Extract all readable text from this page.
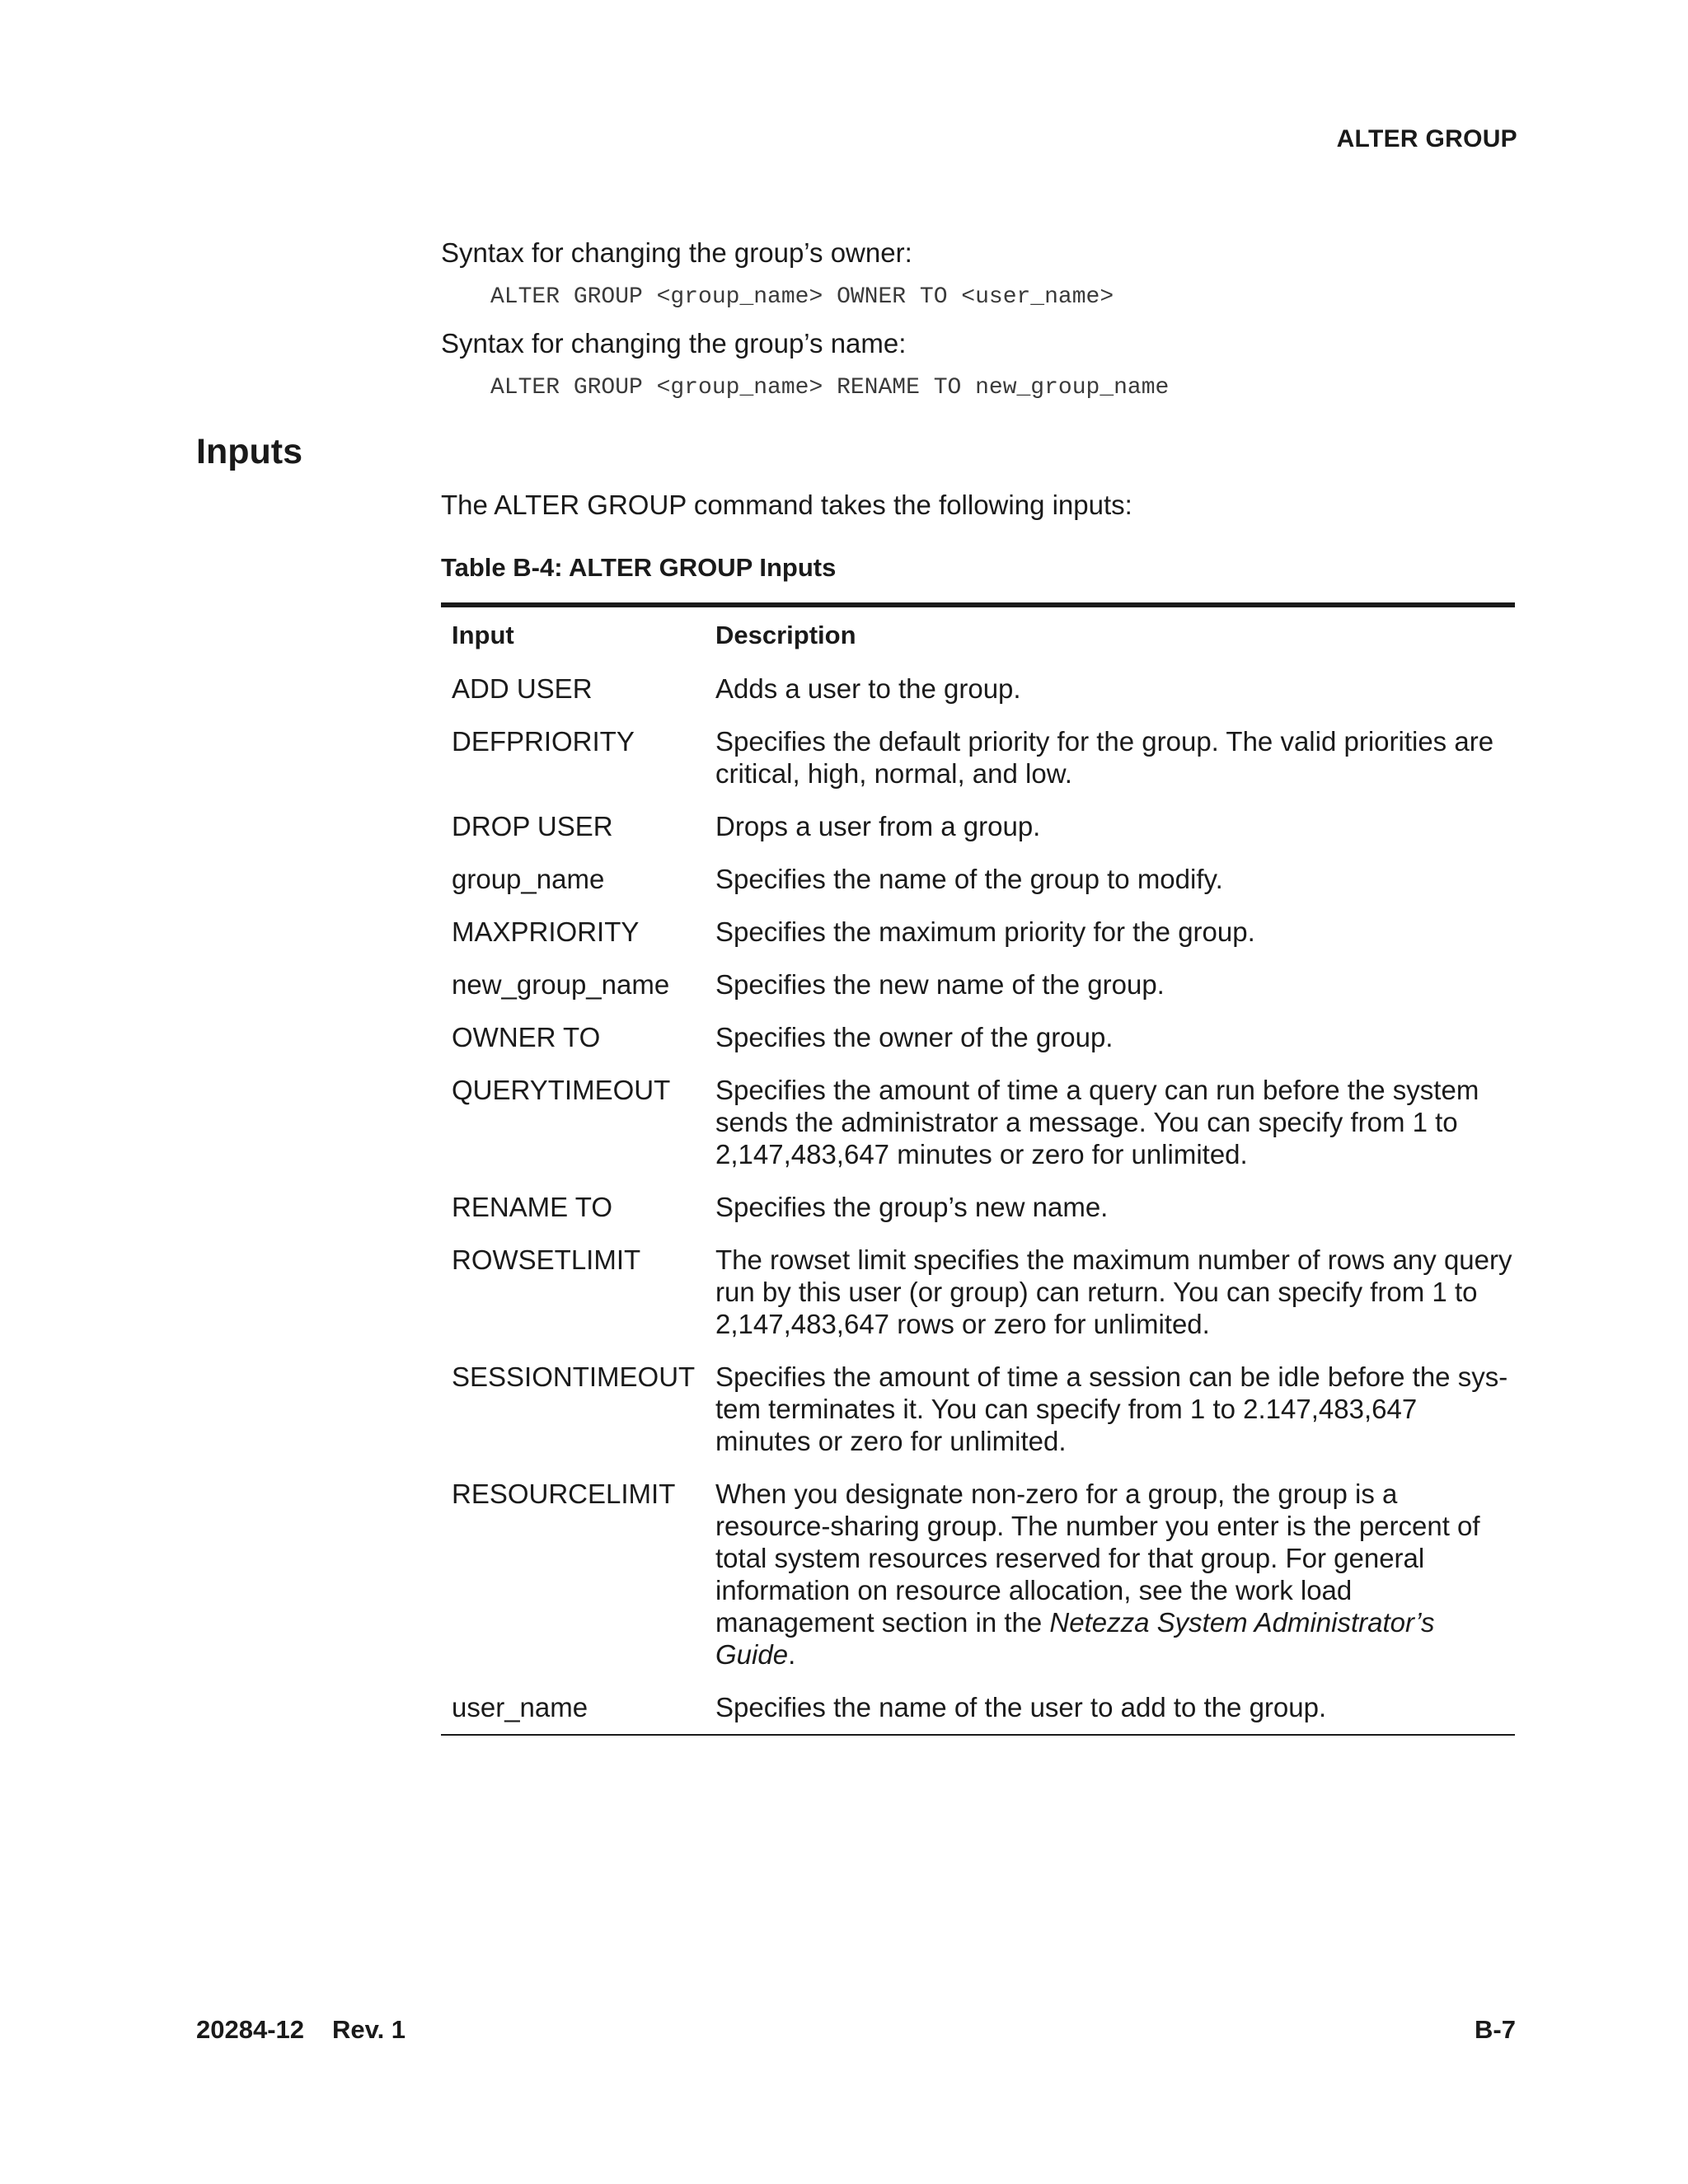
ALTER GROUP

Syntax for changing the group’s owner:

ALTER GROUP <group_name> OWNER TO <user_name>

Syntax for changing the group’s name:

ALTER GROUP <group_name> RENAME TO new_group_name
Inputs

The ALTER GROUP command takes the following inputs:

Table B-4: ALTER GROUP Inputs

Input	Description
ADD USER	Adds a user to the group.
DEFPRIORITY	Specifies the default priority for the group. The valid priorities are critical, high, normal, and low.
DROP USER	Drops a user from a group.
group_name	Specifies the name of the group to modify.
MAXPRIORITY	Specifies the maximum priority for the group.
new_group_name	Specifies the new name of the group.
OWNER TO	Specifies the owner of the group.
QUERYTIMEOUT	Specifies the amount of time a query can run before the system sends the administrator a message. You can specify from 1 to 2,147,483,647 minutes or zero for unlimited.
RENAME TO	Specifies the group’s new name.
ROWSETLIMIT	The rowset limit specifies the maximum number of rows any query run by this user (or group) can return. You can specify from 1 to 2,147,483,647 rows or zero for unlimited.
SESSIONTIMEOUT	Specifies the amount of time a session can be idle before the sys-tem terminates it. You can specify from 1 to 2.147,483,647 minutes or zero for unlimited.
RESOURCELIMIT	When you designate non-zero for a group, the group is a resource-sharing group. The number you enter is the percent of total system resources reserved for that group. For general information on resource allocation, see the work load management section in the Netezza System Administrator’s Guide.
user_name	Specifies the name of the user to add to the group.
20284-12 Rev. 1	B-7
